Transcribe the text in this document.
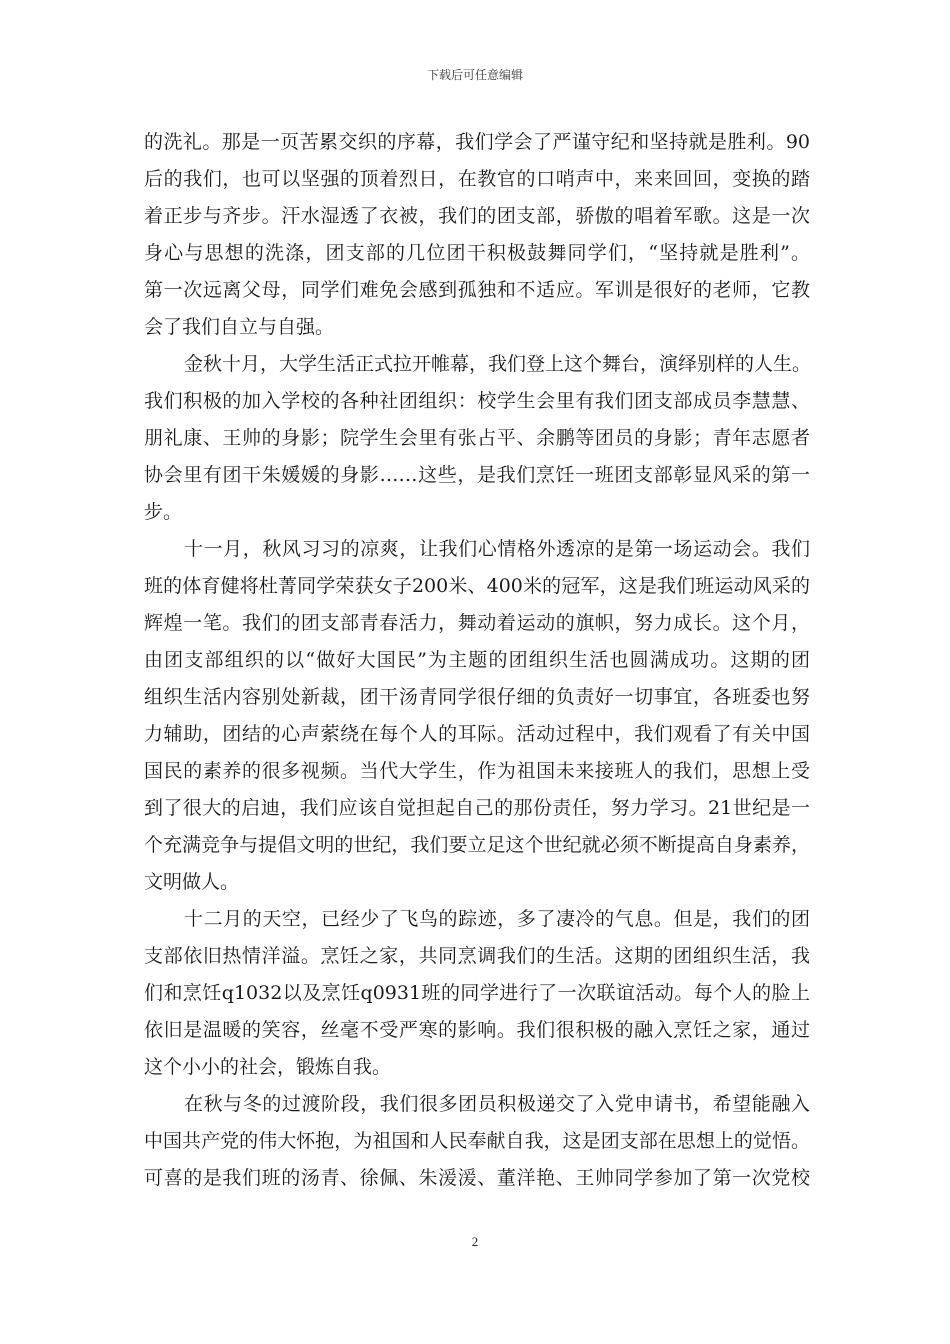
下载后可任意编辑
的洗礼。那是一页苦累交织的序幕，我们学会了严谨守纪和坚持就是胜利。90
后的我们，也可以坚强的顶着烈日，在教官的口哨声中，来来回回，变换的踏
着正步与齐步。汗水湿透了衣被，我们的团支部，骄傲的唱着军歌。这是一次
身心与思想的洗涤，团支部的几位团干积极鼓舞同学们，“坚持就是胜利”。
第一次远离父母，同学们难免会感到孤独和不适应。军训是很好的老师，它教
会了我们自立与自强。
金秋十月，大学生活正式拉开帷幕，我们登上这个舞台，演绎别样的人生。
我们积极的加入学校的各种社团组织：校学生会里有我们团支部成员李慧慧、
朋礼康、王帅的身影；院学生会里有张占平、余鹏等团员的身影；青年志愿者
协会里有团干朱媛媛的身影……这些，是我们烹饪一班团支部彰显风采的第一
步。
十一月，秋风习习的凉爽，让我们心情格外透凉的是第一场运动会。我们
班的体育健将杜菁同学荣获女子200米、400米的冠军，这是我们班运动风采的
辉煌一笔。我们的团支部青春活力，舞动着运动的旗帜，努力成长。这个月，
由团支部组织的以“做好大国民”为主题的团组织生活也圆满成功。这期的团
组织生活内容别处新裁，团干汤青同学很仔细的负责好一切事宜，各班委也努
力辅助，团结的心声萦绕在每个人的耳际。活动过程中，我们观看了有关中国
国民的素养的很多视频。当代大学生，作为祖国未来接班人的我们，思想上受
到了很大的启迪，我们应该自觉担起自己的那份责任，努力学习。21世纪是一
个充满竞争与提倡文明的世纪，我们要立足这个世纪就必须不断提高自身素养，
文明做人。
十二月的天空，已经少了飞鸟的踪迹，多了凄冷的气息。但是，我们的团
支部依旧热情洋溢。烹饪之家，共同烹调我们的生活。这期的团组织生活，我
们和烹饪q1032以及烹饪q0931班的同学进行了一次联谊活动。每个人的脸上
依旧是温暖的笑容，丝毫不受严寒的影响。我们很积极的融入烹饪之家，通过
这个小小的社会，锻炼自我。
在秋与冬的过渡阶段，我们很多团员积极递交了入党申请书，希望能融入
中国共产党的伟大怀抱，为祖国和人民奉献自我，这是团支部在思想上的觉悟。
可喜的是我们班的汤青、徐佩、朱湲湲、董洋艳、王帅同学参加了第一次党校
2
